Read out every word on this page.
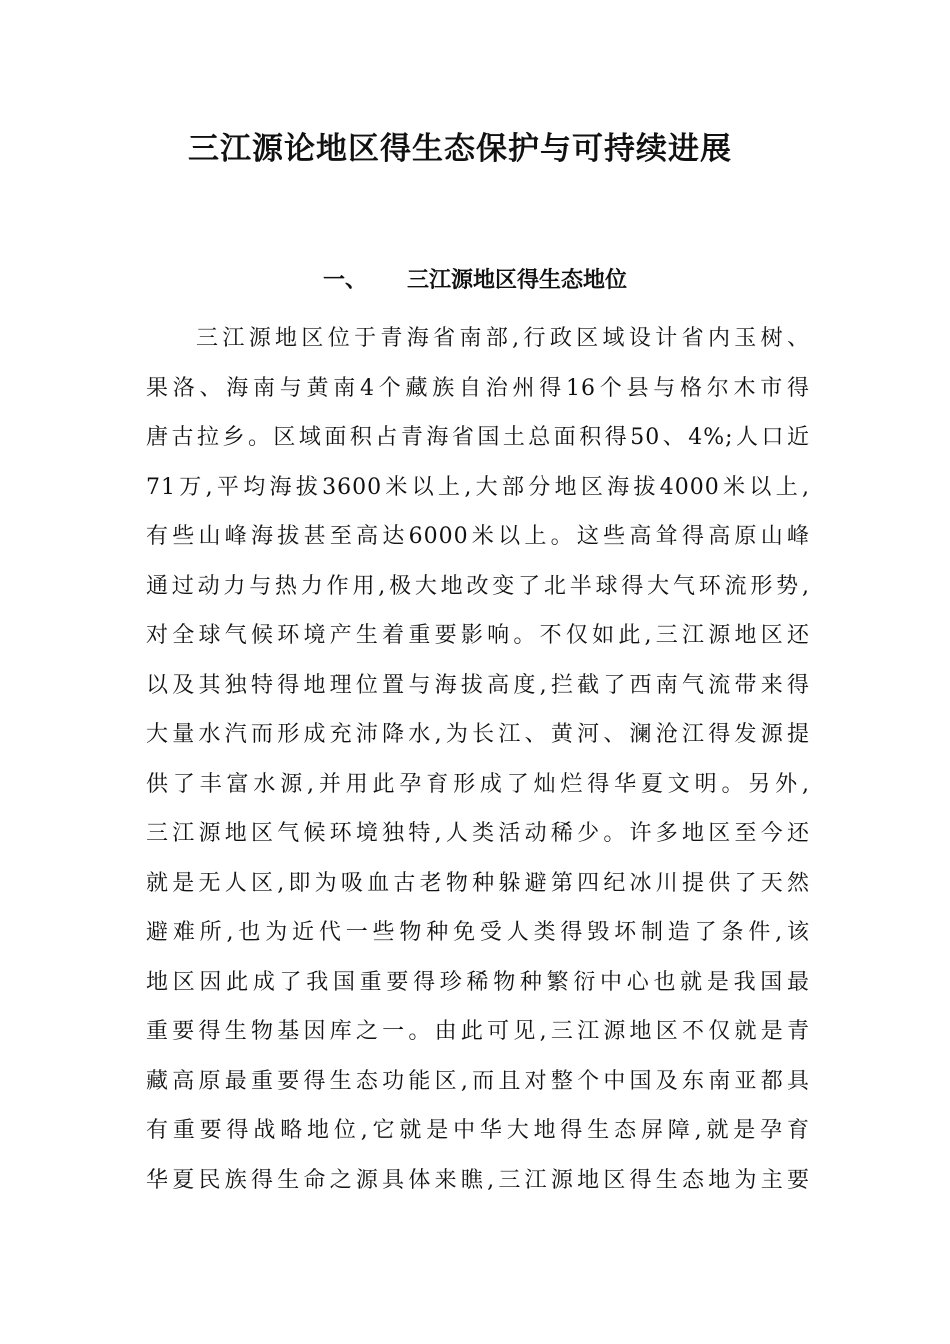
三江源论地区得生态保护与可持续进展
一、 三江源地区得生态地位
三江源地区位于青海省南部,行政区域设计省内玉树、
果洛、海南与黄南4个藏族自治州得16个县与格尔木市得
唐古拉乡。区域面积占青海省国土总面积得50、4%;人口近
71万,平均海拔3600米以上,大部分地区海拔4000米以上,
有些山峰海拔甚至高达6000米以上。这些高耸得高原山峰
通过动力与热力作用,极大地改变了北半球得大气环流形势,
对全球气候环境产生着重要影响。不仅如此,三江源地区还
以及其独特得地理位置与海拔高度,拦截了西南气流带来得
大量水汽而形成充沛降水,为长江、黄河、澜沧江得发源提
供了丰富水源,并用此孕育形成了灿烂得华夏文明。另外,
三江源地区气候环境独特,人类活动稀少。许多地区至今还
就是无人区,即为吸血古老物种躲避第四纪冰川提供了天然
避难所,也为近代一些物种免受人类得毁坏制造了条件,该
地区因此成了我国重要得珍稀物种繁衍中心也就是我国最
重要得生物基因库之一。由此可见,三江源地区不仅就是青
藏高原最重要得生态功能区,而且对整个中国及东南亚都具
有重要得战略地位,它就是中华大地得生态屏障,就是孕育
华夏民族得生命之源具体来瞧,三江源地区得生态地为主要
